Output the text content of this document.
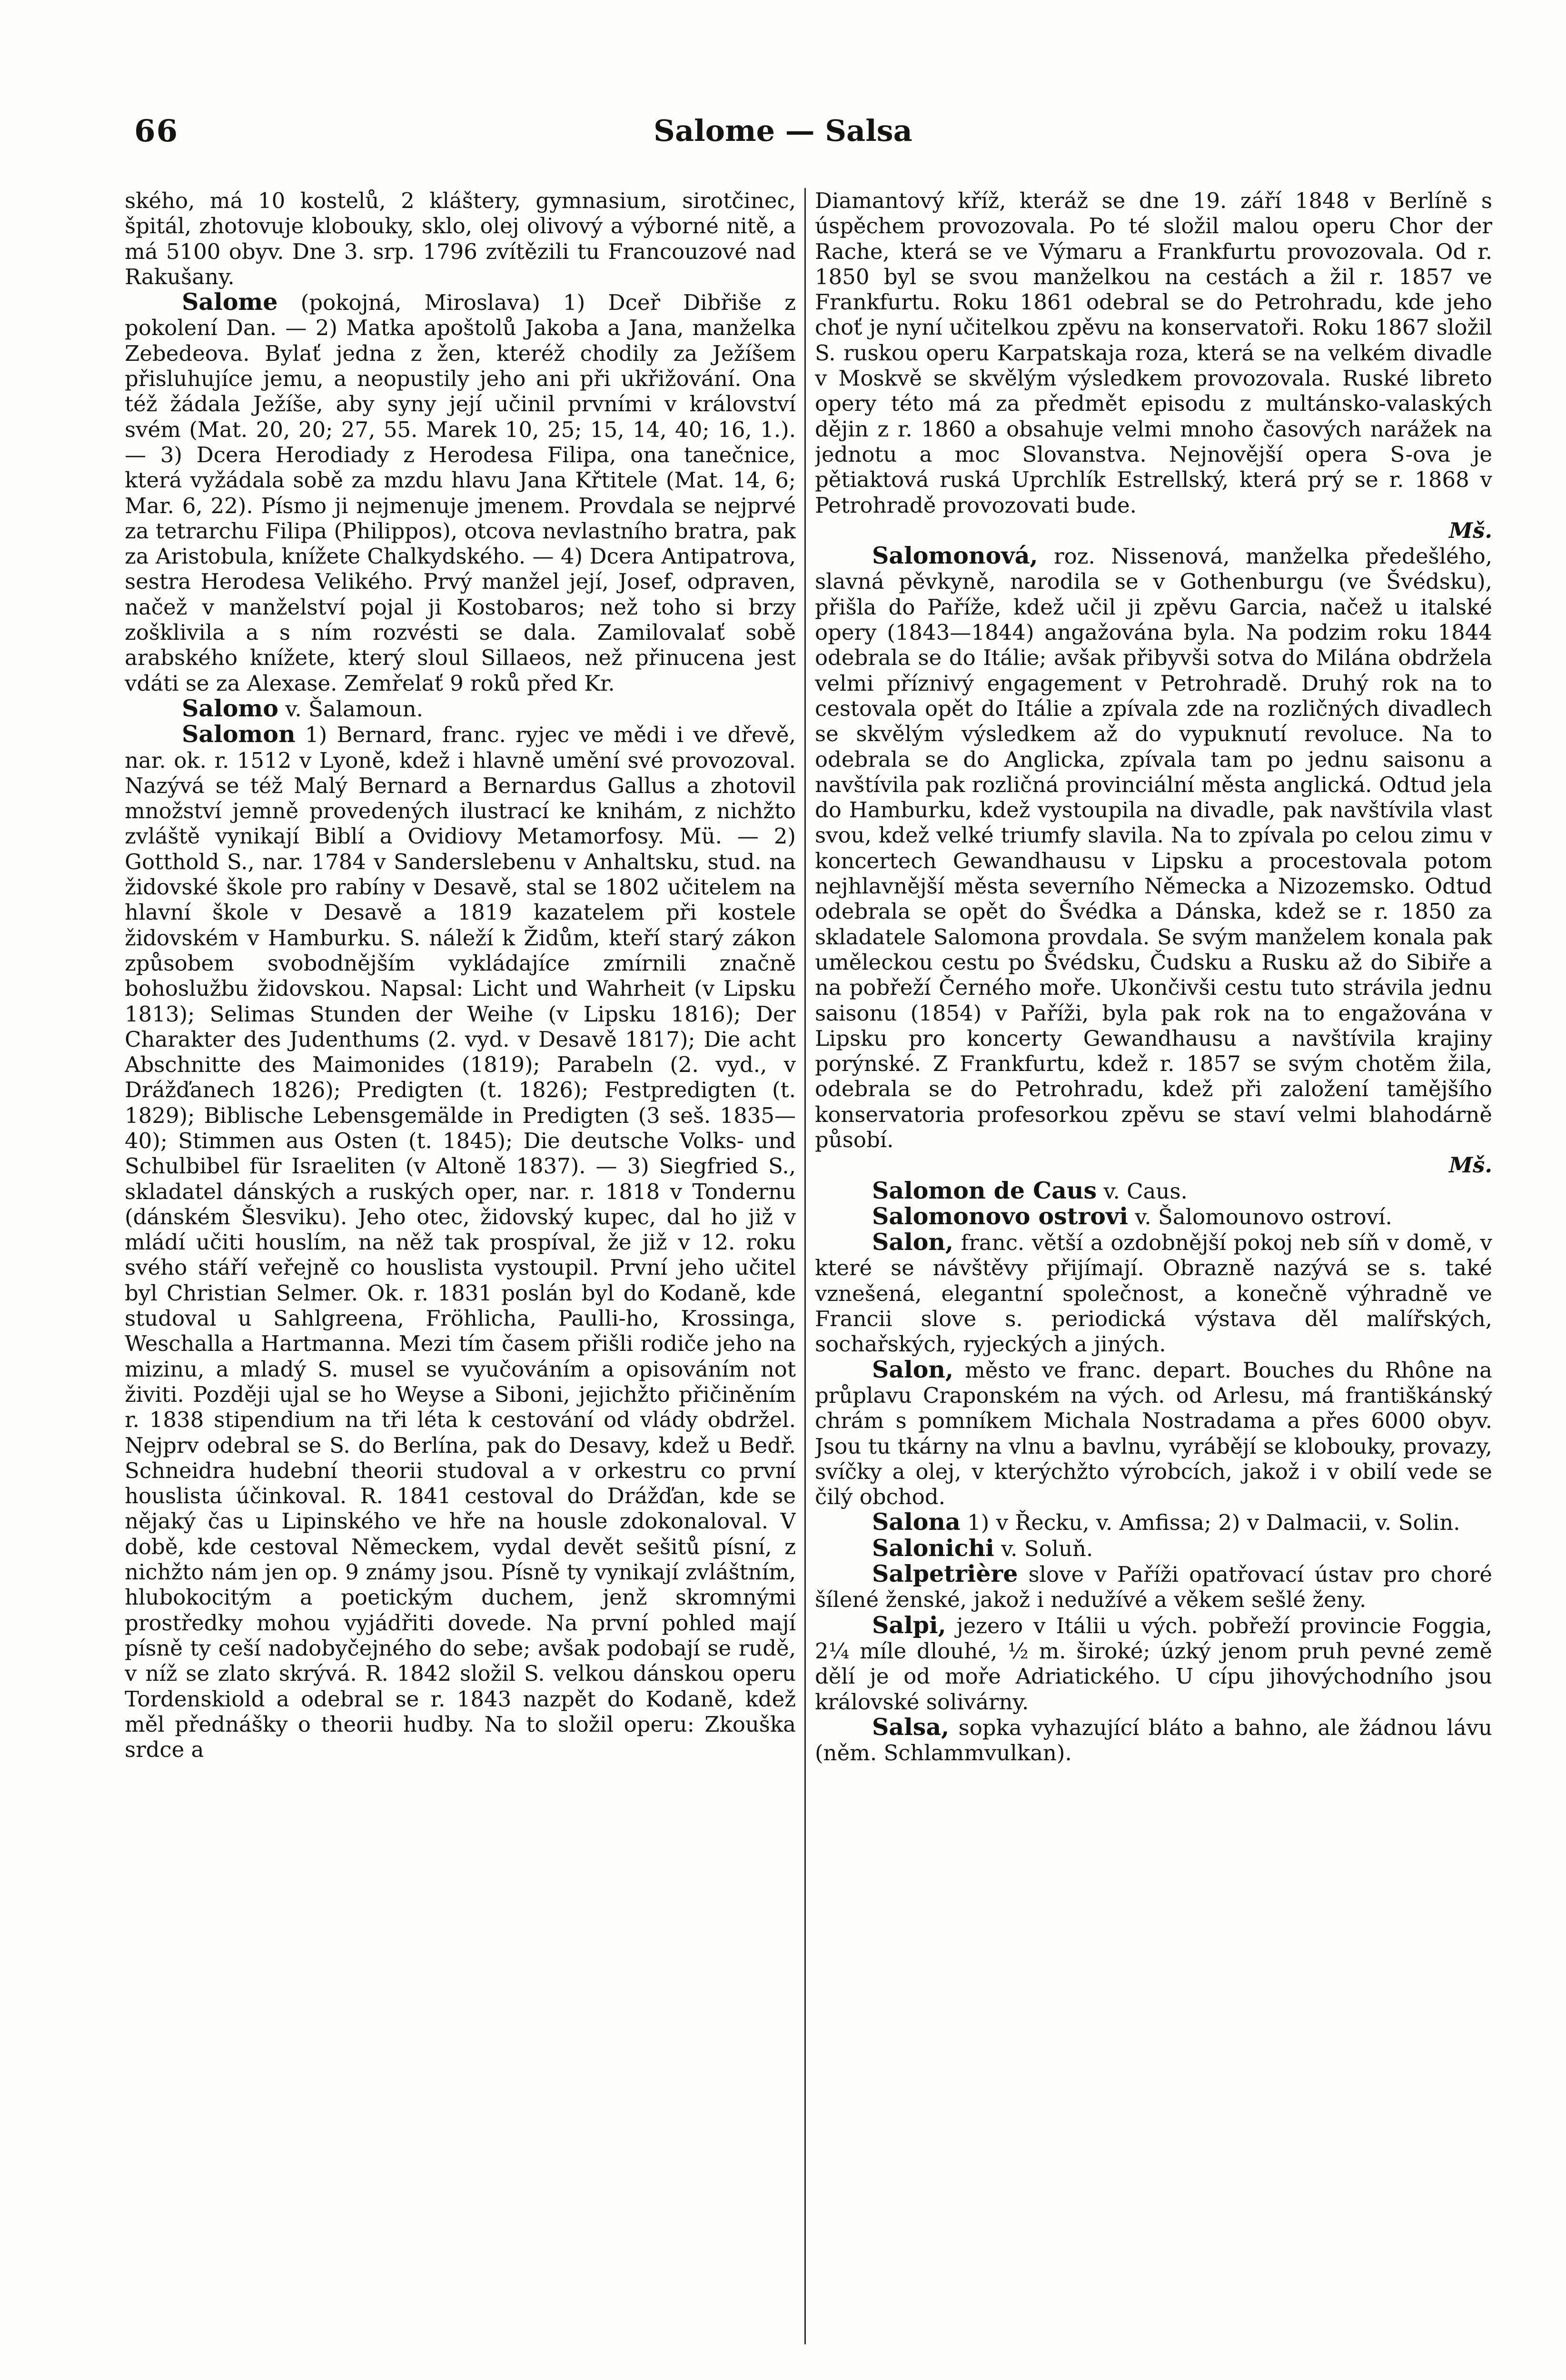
66	Salome — Salsa

ského, má 10 kostelů, 2 kláštery, gymnasium, sirotčinec, špitál, zhotovuje klobouky, sklo, olej olivový a výborné nitě, a má 5100 obyv. Dne 3. srp. 1796 zvítězili tu Francouzové nad Rakušany.

Salome (pokojná, Miroslava) 1) Dceř Dibřiše z pokolení Dan. — 2) Matka apoštolů Jakoba a Jana, manželka Zebedeova. Bylať jedna z žen, kteréž chodily za Ježíšem přisluhujíce jemu, a neopustily jeho ani při ukřižování. Ona též žádala Ježíše, aby syny její učinil prvními v království svém (Mat. 20, 20; 27, 55. Marek 10, 25; 15, 14, 40; 16, 1.). — 3) Dcera Herodiady z Herodesa Filipa, ona tanečnice, která vyžádala sobě za mzdu hlavu Jana Křtitele (Mat. 14, 6; Mar. 6, 22). Písmo ji nejmenuje jmenem. Provdala se nejprvé za tetrarchu Filipa (Philippos), otcova nevlastního bratra, pak za Aristobula, knížete Chalkydského. — 4) Dcera Antipatrova, sestra Herodesa Velikého. Prvý manžel její, Josef, odpraven, načež v manželství pojal ji Kostobaros; než toho si brzy zošklivila a s ním rozvésti se dala. Zamilovalať sobě arabského knížete, který sloul Sillaeos, než přinucena jest vdáti se za Alexase. Zemřelať 9 roků před Kr.

Salomo v. Šalamoun.

Salomon 1) Bernard, franc. ryjec ve mědi i ve dřevě, nar. ok. r. 1512 v Lyoně, kdež i hlavně umění své provozoval. Nazývá se též Malý Bernard a Bernardus Gallus a zhotovil množství jemně provedených ilustrací ke knihám, z nichžto zvláště vynikají Biblí a Ovidiovy Metamorfosy. Mü. — 2) Gotthold S., nar. 1784 v Sanderslebenu v Anhaltsku, stud. na židovské škole pro rabíny v Desavě, stal se 1802 učitelem na hlavní škole v Desavě a 1819 kazatelem při kostele židovském v Hamburku. S. náleží k Židům, kteří starý zákon způsobem svobodnějším vykládajíce zmírnili značně bohoslužbu židovskou. Napsal: Licht und Wahrheit (v Lipsku 1813); Selimas Stunden der Weihe (v Lipsku 1816); Der Charakter des Judenthums (2. vyd. v Desavě 1817); Die acht Abschnitte des Maimonides (1819); Parabeln (2. vyd., v Drážďanech 1826); Predigten (t. 1826); Festpredigten (t. 1829); Biblische Lebensgemälde in Predigten (3 seš. 1835—40); Stimmen aus Osten (t. 1845); Die deutsche Volks- und Schulbibel für Israeliten (v Altoně 1837). — 3) Siegfried S., skladatel dánských a ruských oper, nar. r. 1818 v Tondernu (dánském Šlesviku). Jeho otec, židovský kupec, dal ho již v mládí učiti houslím, na něž tak prospíval, že již v 12. roku svého stáří veřejně co houslista vystoupil. První jeho učitel byl Christian Selmer. Ok. r. 1831 poslán byl do Kodaně, kde studoval u Sahlgreena, Fröhlicha, Paulli-ho, Krossinga, Weschalla a Hartmanna. Mezi tím časem přišli rodiče jeho na mizinu, a mladý S. musel se vyučováním a opisováním not živiti. Později ujal se ho Weyse a Siboni, jejichžto přičiněním r. 1838 stipendium na tři léta k cestování od vlády obdržel. Nejprv odebral se S. do Berlína, pak do Desavy, kdež u Bedř. Schneidra hudební theorii studoval a v orkestru co první houslista účinkoval. R. 1841 cestoval do Drážďan, kde se nějaký čas u Lipinského ve hře na housle zdokonaloval. V době, kde cestoval Německem, vydal devět sešitů písní, z nichžto nám jen op. 9 známy jsou. Písně ty vynikají zvláštním, hlubokocitým a poetickým duchem, jenž skromnými prostředky mohou vyjádřiti dovede. Na první pohled mají písně ty ceší nadobyčejného do sebe; avšak podobají se rudě, v níž se zlato skrývá. R. 1842 složil S. velkou dánskou operu Tordenskiold a odebral se r. 1843 nazpět do Kodaně, kdež měl přednášky o theorii hudby. Na to složil operu: Zkouška srdce a

Diamantový kříž, kteráž se dne 19. září 1848 v Berlíně s úspěchem provozovala. Po té složil malou operu Chor der Rache, která se ve Výmaru a Frankfurtu provozovala. Od r. 1850 byl se svou manželkou na cestách a žil r. 1857 ve Frankfurtu. Roku 1861 odebral se do Petrohradu, kde jeho choť je nyní učitelkou zpěvu na konservatoři. Roku 1867 složil S. ruskou operu Karpatskaja roza, která se na velkém divadle v Moskvě se skvělým výsledkem provozovala. Ruské libreto opery této má za předmět episodu z multánsko-valaských dějin z r. 1860 a obsahuje velmi mnoho časových narážek na jednotu a moc Slovanstva. Nejnovější opera S-ova je pětiaktová ruská Uprchlík Estrellský, která prý se r. 1868 v Petrohradě provozovati bude.

Mš.

Salomonová, roz. Nissenová, manželka předešlého, slavná pěvkyně, narodila se v Gothenburgu (ve Švédsku), přišla do Paříže, kdež učil ji zpěvu Garcia, načež u italské opery (1843—1844) angažována byla. Na podzim roku 1844 odebrala se do Itálie; avšak přibyvši sotva do Milána obdržela velmi příznivý engagement v Petrohradě. Druhý rok na to cestovala opět do Itálie a zpívala zde na rozličných divadlech se skvělým výsledkem až do vypuknutí revoluce. Na to odebrala se do Anglicka, zpívala tam po jednu saisonu a navštívila pak rozličná provinciální města anglická. Odtud jela do Hamburku, kdež vystoupila na divadle, pak navštívila vlast svou, kdež velké triumfy slavila. Na to zpívala po celou zimu v koncertech Gewandhausu v Lipsku a procestovala potom nejhlavnější města severního Německa a Nizozemsko. Odtud odebrala se opět do Švédka a Dánska, kdež se r. 1850 za skladatele Salomona provdala. Se svým manželem konala pak uměleckou cestu po Švédsku, Čudsku a Rusku až do Sibiře a na pobřeží Černého moře. Ukončivši cestu tuto strávila jednu saisonu (1854) v Paříži, byla pak rok na to engažována v Lipsku pro koncerty Gewandhausu a navštívila krajiny porýnské. Z Frankfurtu, kdež r. 1857 se svým chotěm žila, odebrala se do Petrohradu, kdež při založení tamějšího konservatoria profesorkou zpěvu se staví velmi blahodárně působí.

Mš.

Salomon de Caus v. Caus.

Salomonovo ostrovi v. Šalomounovo ostroví.

Salon, franc. větší a ozdobnější pokoj neb síň v domě, v které se návštěvy přijímají. Obrazně nazývá se s. také vznešená, elegantní společnost, a konečně výhradně ve Francii slove s. periodická výstava děl malířských, sochařských, ryjeckých a jiných.

Salon, město ve franc. depart. Bouches du Rhône na průplavu Craponském na vých. od Arlesu, má františkánský chrám s pomníkem Michala Nostradama a přes 6000 obyv. Jsou tu tkárny na vlnu a bavlnu, vyrábějí se klobouky, provazy, svíčky a olej, v kterýchžto výrobcích, jakož i v obilí vede se čilý obchod.

Salona 1) v Řecku, v. Amfissa; 2) v Dalmacii, v. Solin.

Salonichi v. Soluň.

Salpetrière slove v Paříži opatřovací ústav pro choré šílené ženské, jakož i nedužívé a věkem sešlé ženy.

Salpi, jezero v Itálii u vých. pobřeží provincie Foggia, 2¼ míle dlouhé, ½ m. široké; úzký jenom pruh pevné země dělí je od moře Adriatického. U cípu jihovýchodního jsou královské solivárny.

Salsa, sopka vyhazující bláto a bahno, ale žádnou lávu (něm. Schlammvulkan).
